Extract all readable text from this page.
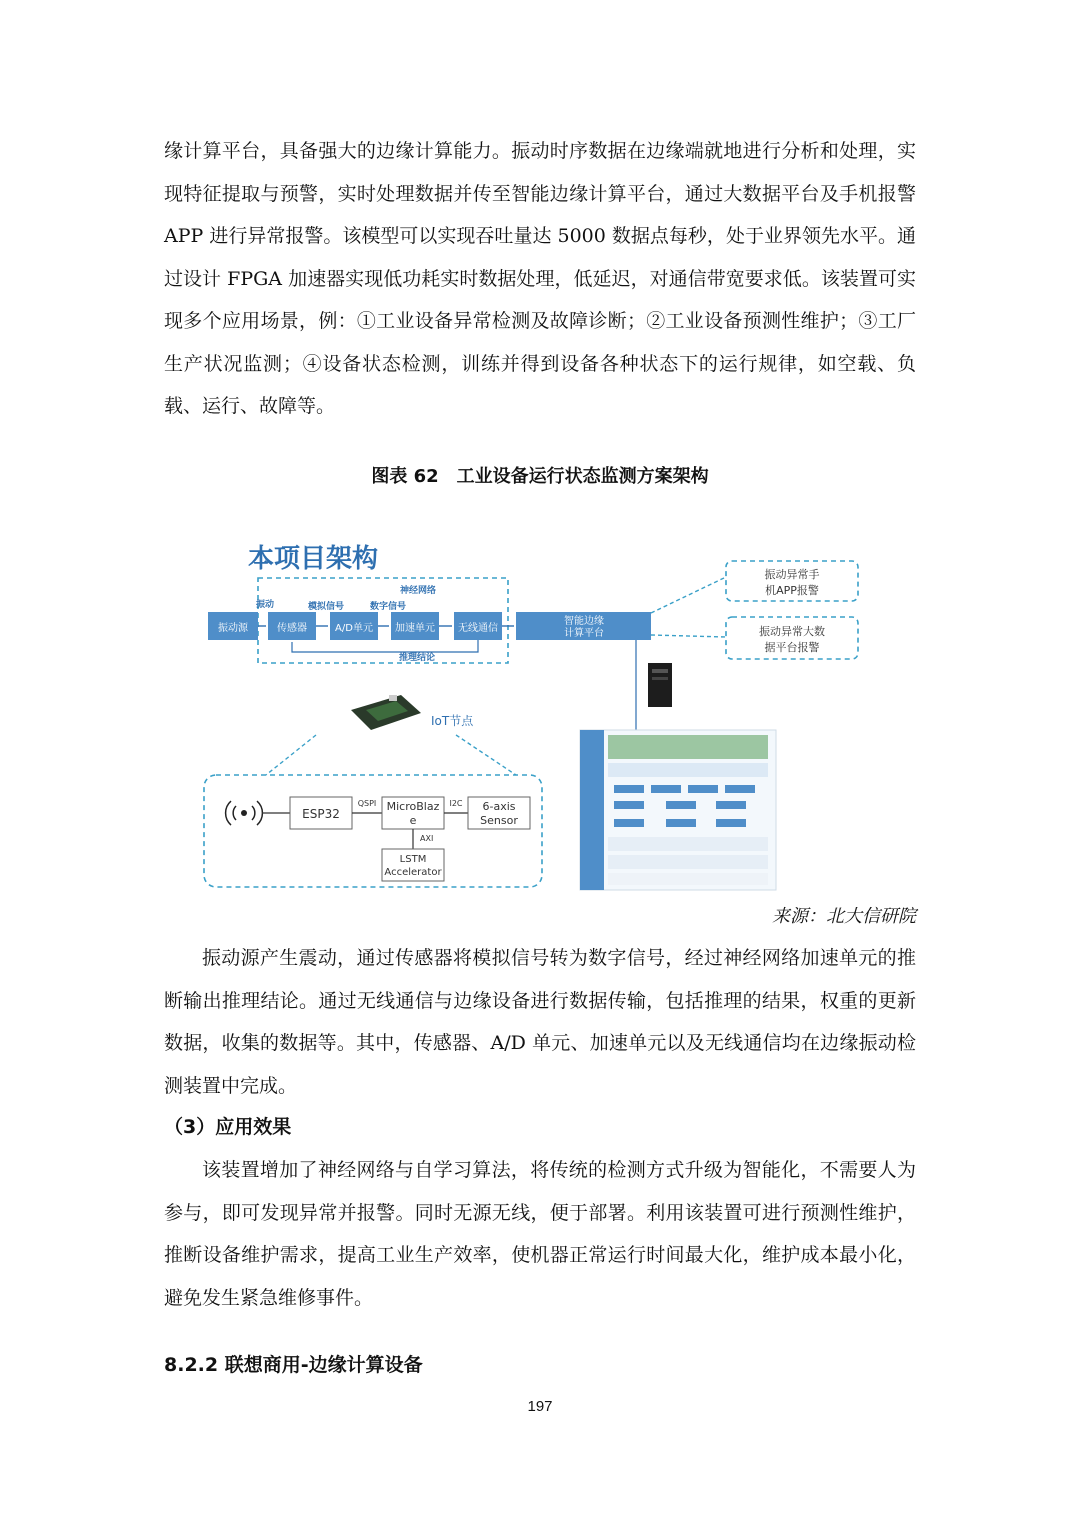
缘计算平台，具备强大的边缘计算能力。振动时序数据在边缘端就地进行分析和处理，实现特征提取与预警，实时处理数据并传至智能边缘计算平台，通过大数据平台及手机报警 APP 进行异常报警。该模型可以实现吞吐量达 5000 数据点每秒，处于业界领先水平。通过设计 FPGA 加速器实现低功耗实时数据处理，低延迟，对通信带宽要求低。该装置可实现多个应用场景，例：①工业设备异常检测及故障诊断；②工业设备预测性维护；③工厂生产状况监测；④设备状态检测，训练并得到设备各种状态下的运行规律，如空载、负载、运行、故障等。
图表 62　工业设备运行状态监测方案架构
本项目架构
振动源	传感器	A/D单元 加速单元 无线通信
智能边缘
计算平台
振动	模拟信号	数字信号
神经网络
推理结论
振动异常手
机APP报警
振动异常大数
据平台报警
IoT节点
ESP32
QSPI MicroBlaz
e
I2C 6-axis
Sensor
AXI
LSTM
Accelerator
来源：北大信研院
振动源产生震动，通过传感器将模拟信号转为数字信号，经过神经网络加速单元的推断输出推理结论。通过无线通信与边缘设备进行数据传输，包括推理的结果，权重的更新数据，收集的数据等。其中，传感器、A/D 单元、加速单元以及无线通信均在边缘振动检测装置中完成。
（3）应用效果
该装置增加了神经网络与自学习算法，将传统的检测方式升级为智能化，不需要人为参与，即可发现异常并报警。同时无源无线，便于部署。利用该装置可进行预测性维护，推断设备维护需求，提高工业生产效率，使机器正常运行时间最大化，维护成本最小化，避免发生紧急维修事件。
8.2.2 联想商用-边缘计算设备
197
